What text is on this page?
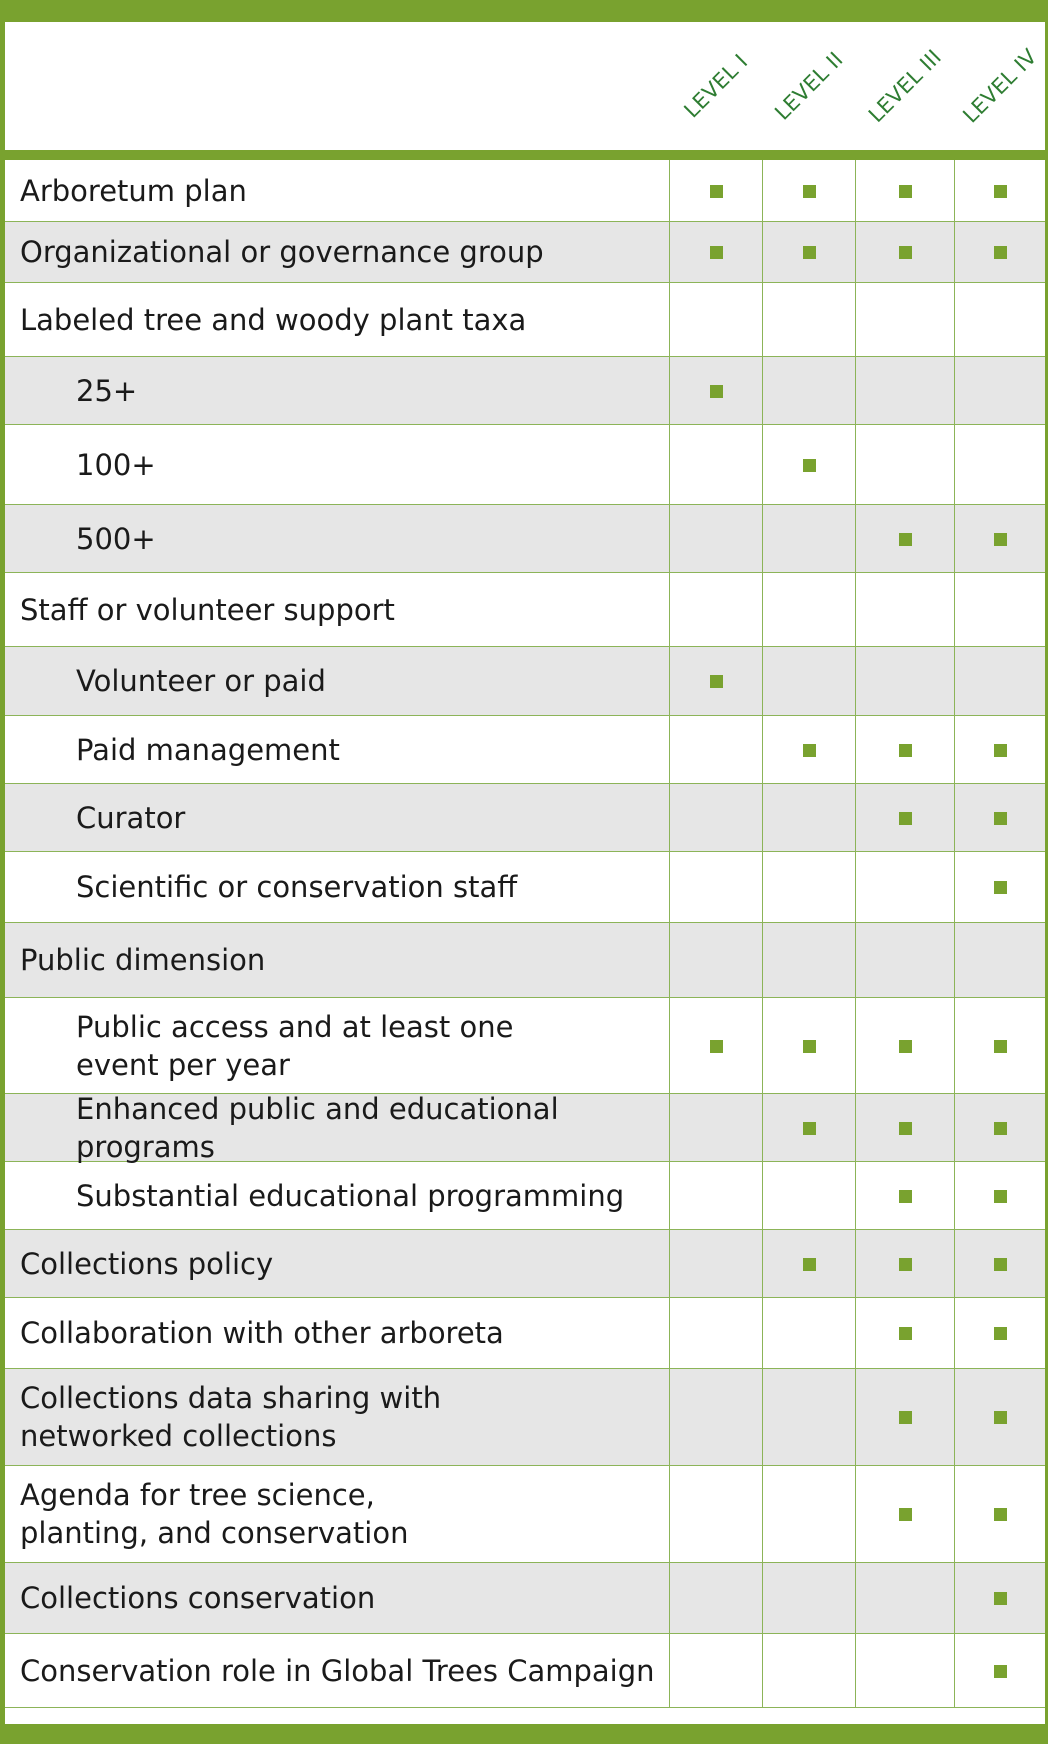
LEVEL I LEVEL II LEVEL III LEVEL IV
Arboretum plan
Organizational or governance group
Labeled tree and woody plant taxa
25+
100+
500+
Staff or volunteer support
Volunteer or paid
Paid management
Curator
Scientific or conservation staff
Public dimension
Public access and at least one event per year
Enhanced public and educational programs
Substantial educational programming
Collections policy
Collaboration with other arboreta
Collections data sharing with networked collections
Agenda for tree science, planting, and conservation
Collections conservation
Conservation role in Global Trees Campaign
